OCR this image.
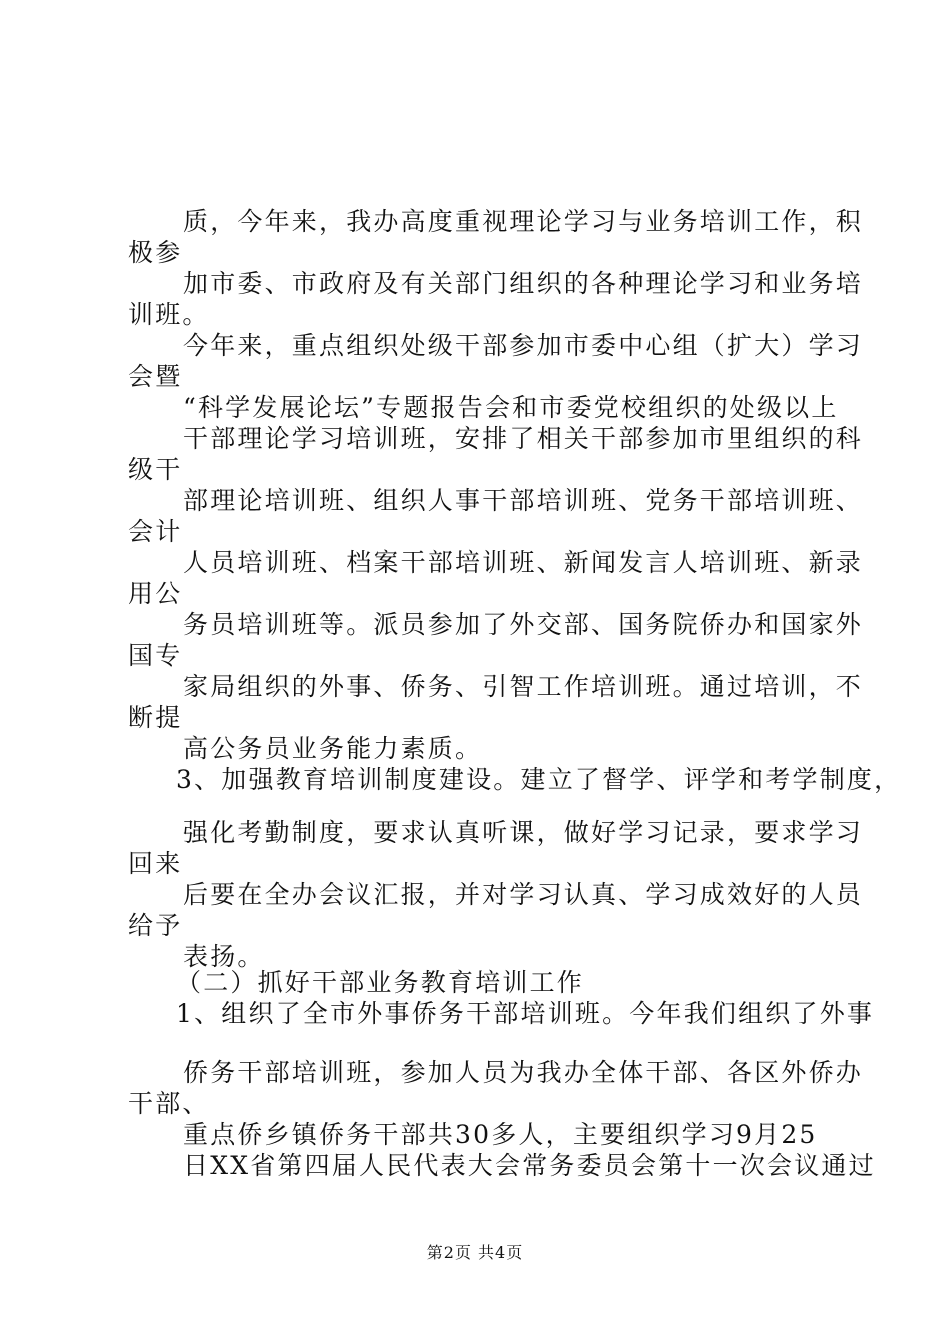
质，今年来，我办高度重视理论学习与业务培训工作，积
极参
加市委、市政府及有关部门组织的各种理论学习和业务培
训班。
今年来，重点组织处级干部参加市委中心组（扩大）学习
会暨
“科学发展论坛”专题报告会和市委党校组织的处级以上
干部理论学习培训班，安排了相关干部参加市里组织的科
级干
部理论培训班、组织人事干部培训班、党务干部培训班、
会计
人员培训班、档案干部培训班、新闻发言人培训班、新录
用公
务员培训班等。派员参加了外交部、国务院侨办和国家外
国专
家局组织的外事、侨务、引智工作培训班。通过培训，不
断提
高公务员业务能力素质。
3、加强教育培训制度建设。建立了督学、评学和考学制度，
强化考勤制度，要求认真听课，做好学习记录，要求学习
回来
后要在全办会议汇报，并对学习认真、学习成效好的人员
给予
表扬。
（二）抓好干部业务教育培训工作
1、组织了全市外事侨务干部培训班。今年我们组织了外事
侨务干部培训班，参加人员为我办全体干部、各区外侨办
干部、
重点侨乡镇侨务干部共30多人，主要组织学习9月25
日XX省第四届人民代表大会常务委员会第十一次会议通过
第2页 共4页
